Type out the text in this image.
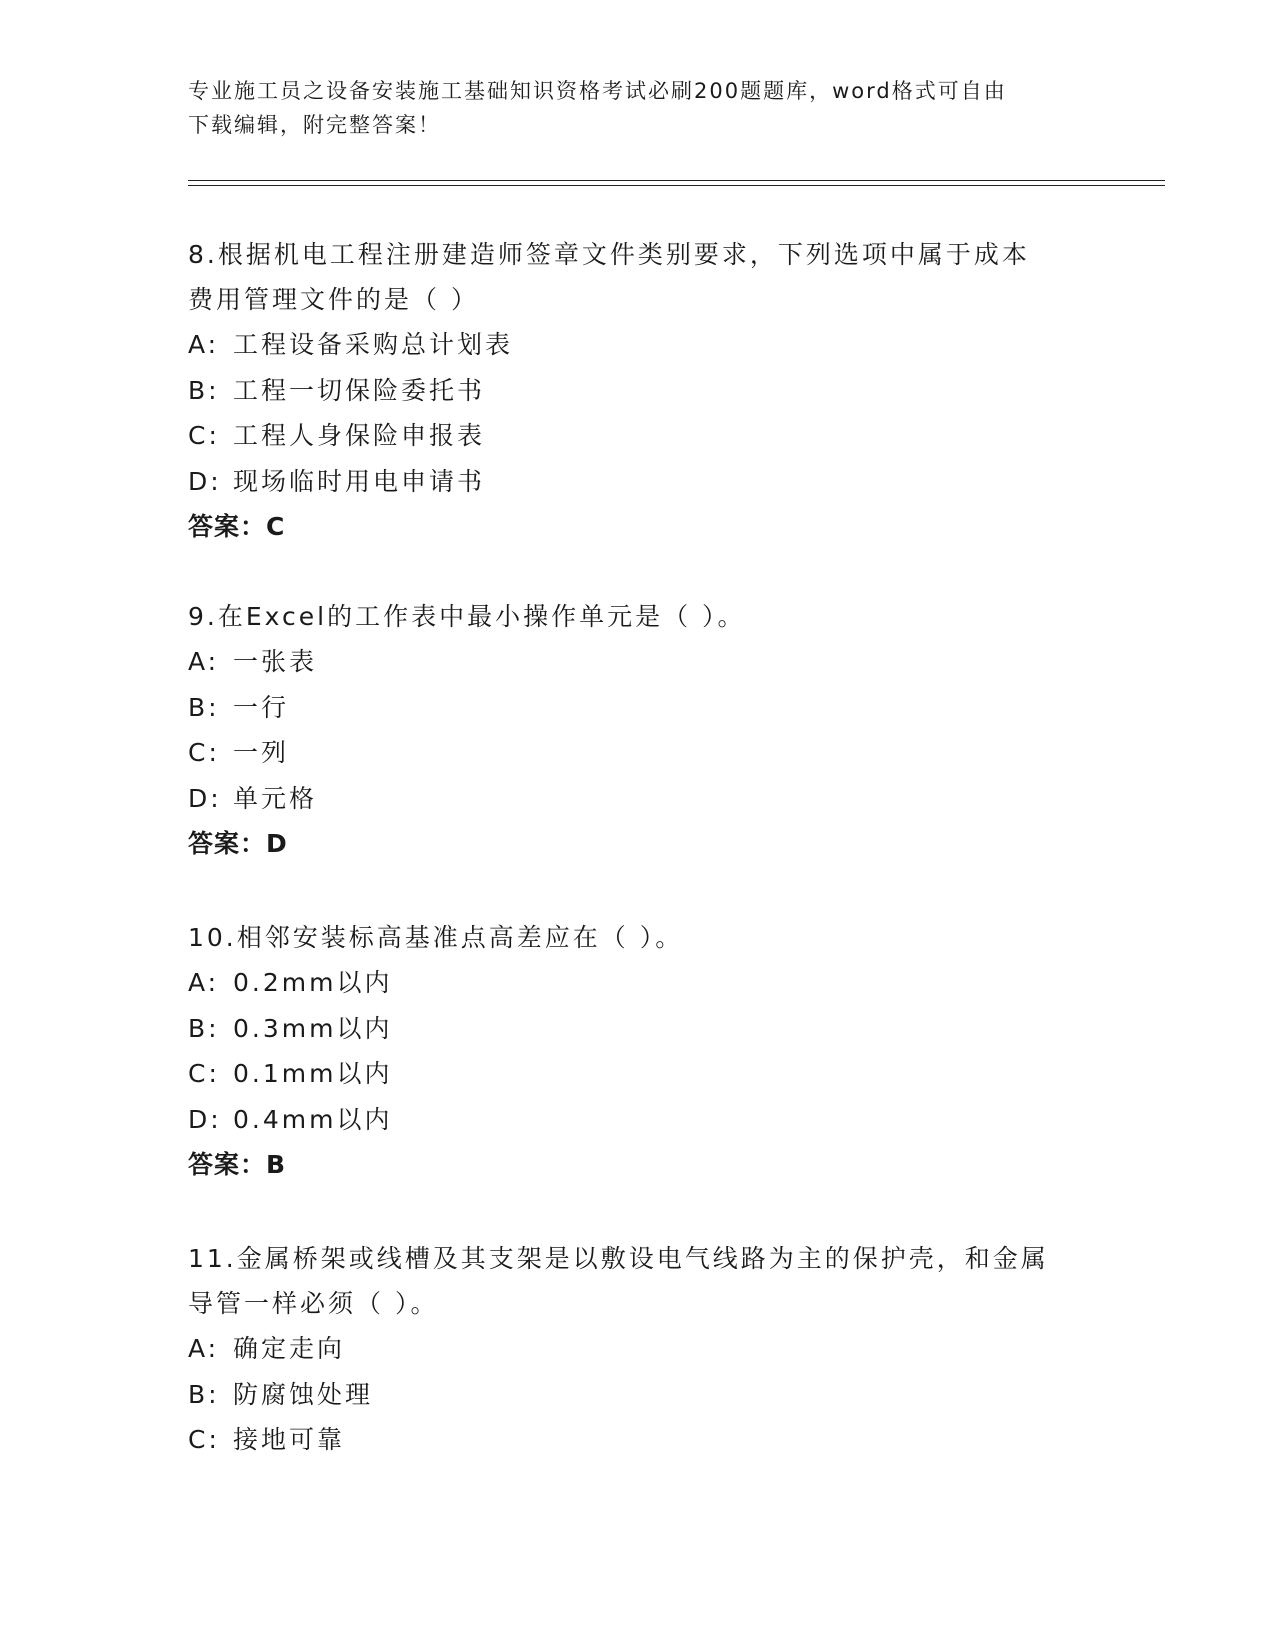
专业施工员之设备安装施工基础知识资格考试必刷200题题库，word格式可自由
下载编辑，附完整答案！
8.根据机电工程注册建造师签章文件类别要求，下列选项中属于成本
费用管理文件的是（ ）
A: 工程设备采购总计划表
B: 工程一切保险委托书
C: 工程人身保险申报表
D: 现场临时用电申请书
答案：C
9.在Excel的工作表中最小操作单元是（ ）。
A: 一张表
B: 一行
C: 一列
D: 单元格
答案：D
10.相邻安装标高基准点高差应在（ ）。
A: 0.2mm以内
B: 0.3mm以内
C: 0.1mm以内
D: 0.4mm以内
答案：B
11.金属桥架或线槽及其支架是以敷设电气线路为主的保护壳，和金属
导管一样必须（ ）。
A: 确定走向
B: 防腐蚀处理
C: 接地可靠
